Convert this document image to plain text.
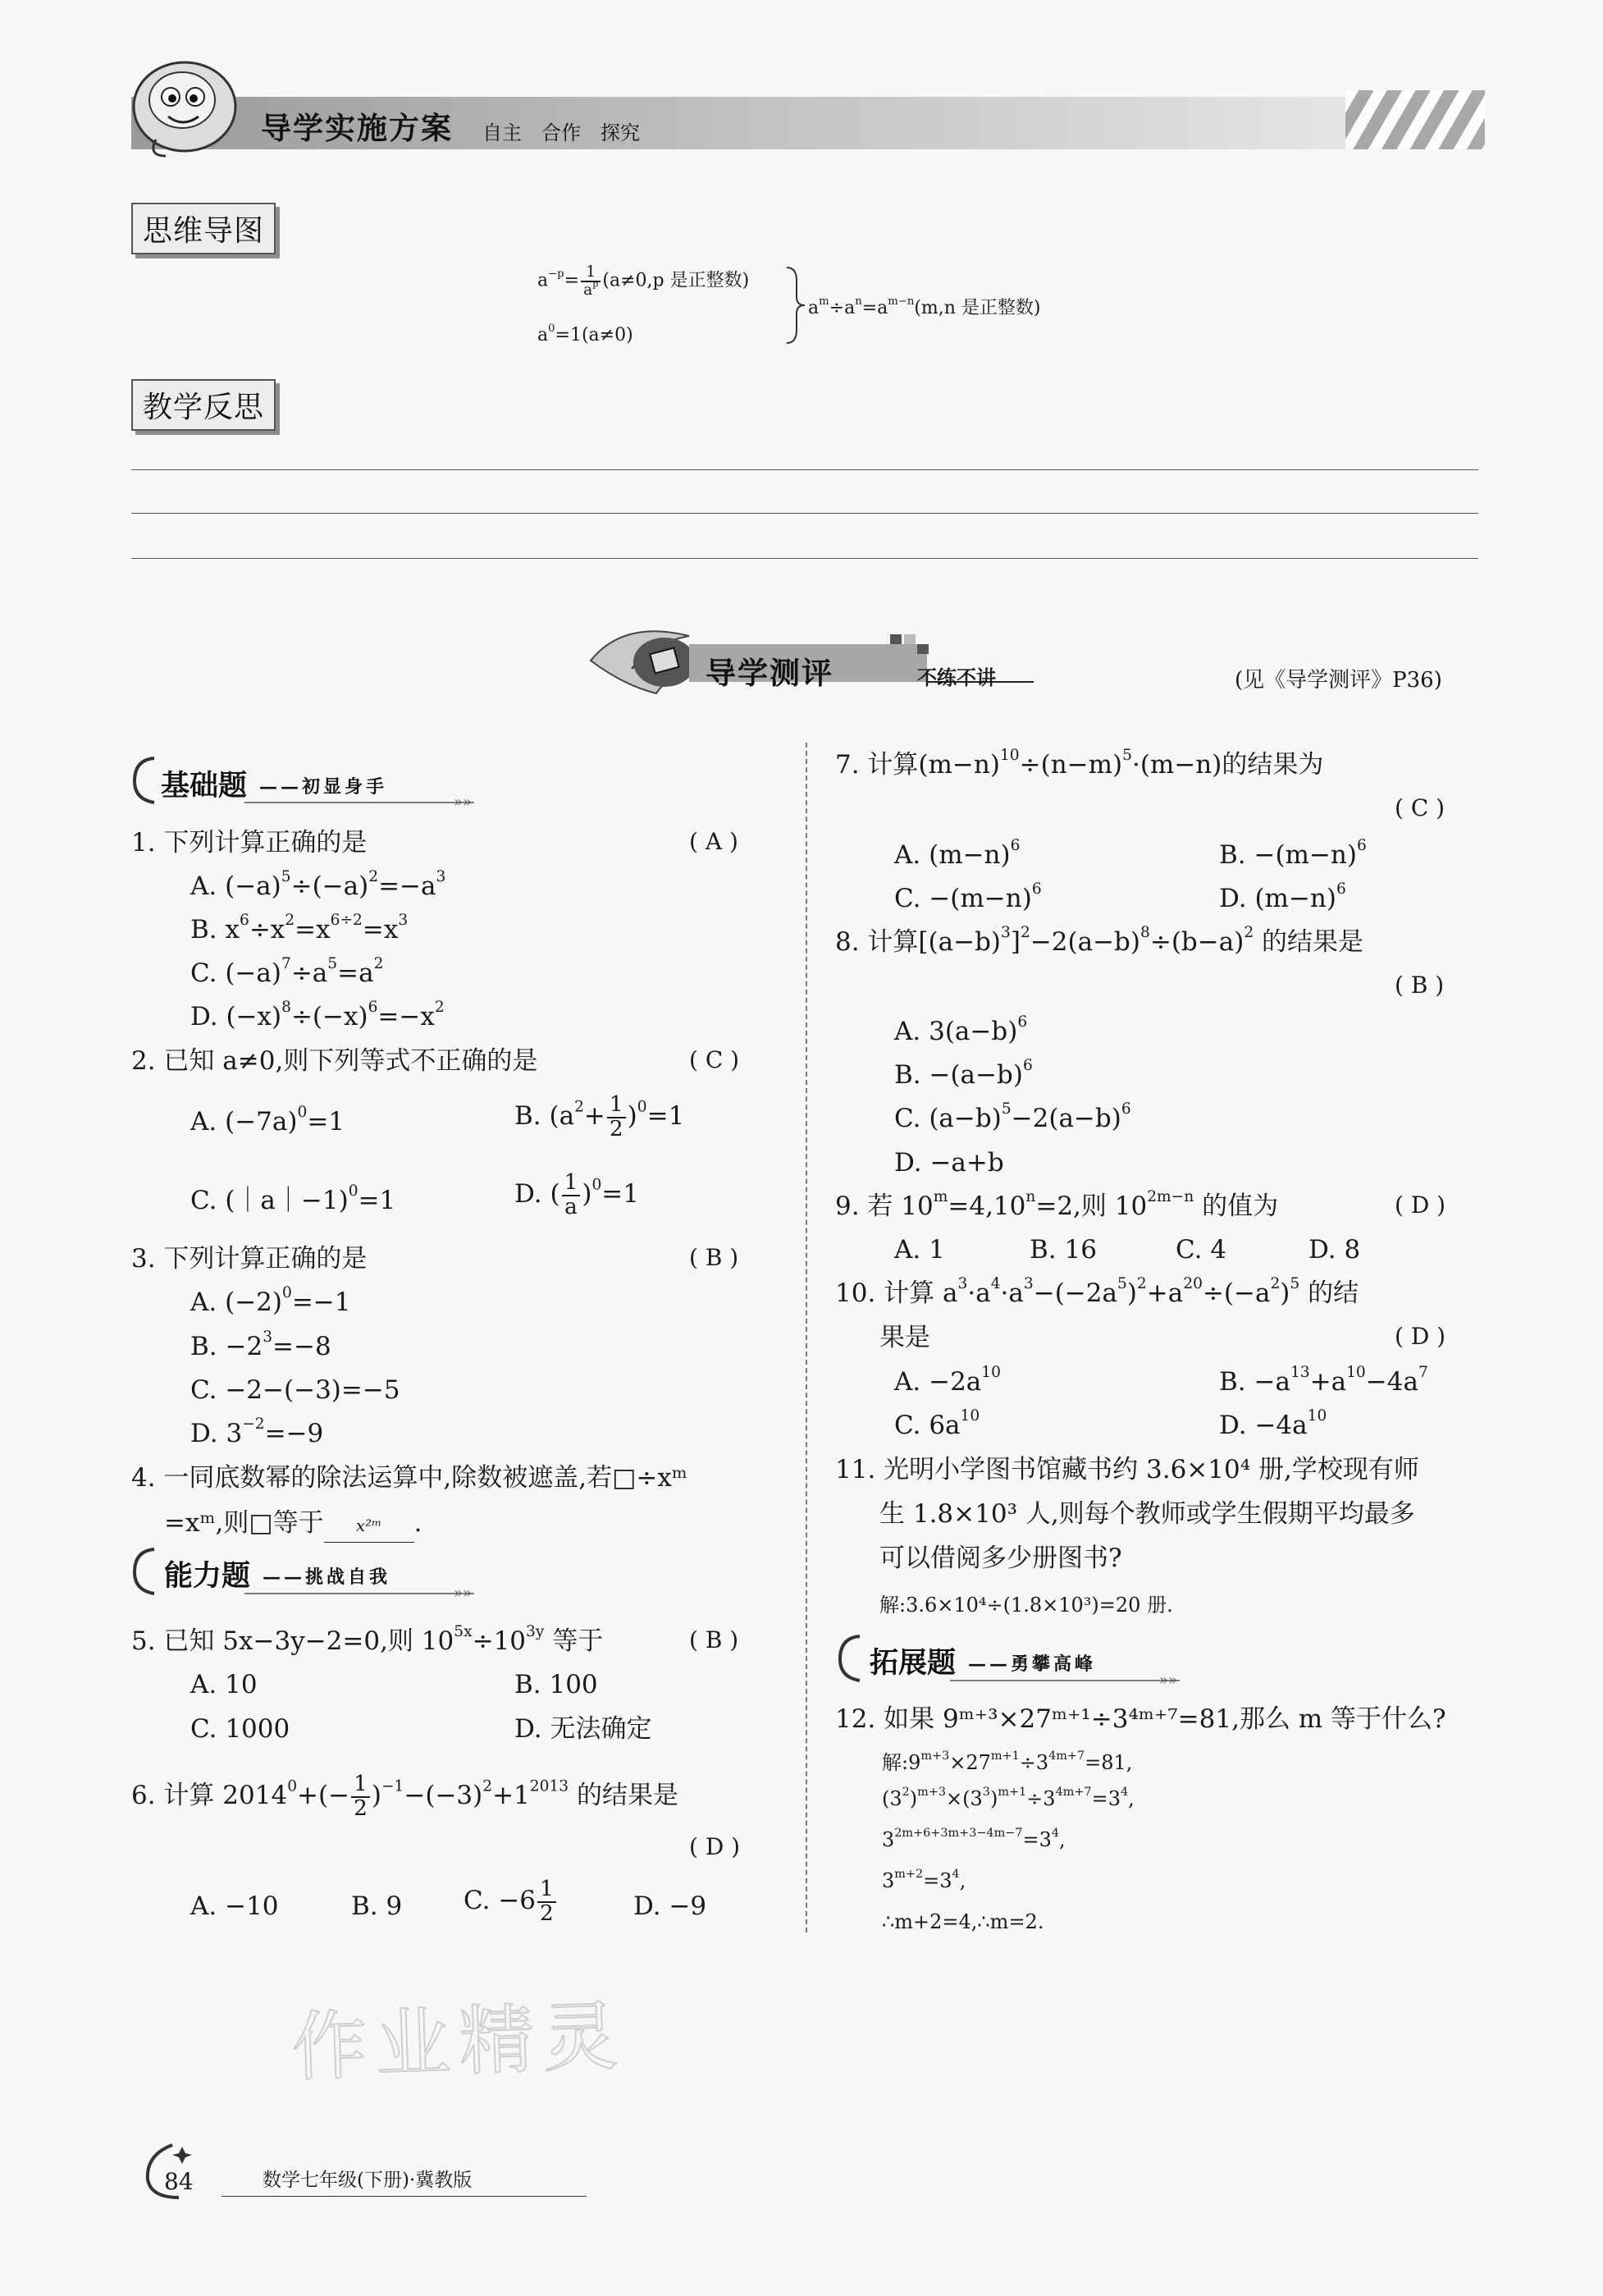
导学实施方案 自主　合作　探究
思维导图
$a^{-p}= \frac{1}{a^p} (a\ne 0,p$ 是正整数)
$a^0=1(a\ne 0)$
$a^m\div a^n=a^{m-n}(m,n$ 是正整数)
教学反思
导学测评	不练不讲	(见《导学测评》P36)
»»
基础题 ——初显身手
»»
能力题 ——挑战自我
»»
拓展题 ——勇攀高峰
1. 下列计算正确的是	( A )
A. $(-a)^5\div(-a)^2=-a^3$
B. $x^6\div x^2=x^{6\div 2}=x^3$
C. $(-a)^7\div a^5=a^2$
D. $(-x)^8\div(-x)^6=-x^2$
2. 已知 a≠0,则下列等式不正确的是	( C )
A. $(-7a)^0=1$	B. $(a^2+ \frac{1}{2} )^0=1$
C. (｜a｜−1)$^0$=1	D. ( $\frac{1}{a} )^0=1$
3. 下列计算正确的是	( B )
A. $(-2)^0=-1$
B. $-2^3=-8$
C. −2−(−3)=−5
D. $3^{-2}=-9$
4. 一同底数幂的除法运算中,除数被遮盖,若□÷xᵐ
=xᵐ,则□等于 x²ᵐ .
5. 已知 5x−3y−2=0,则 $10^{5x}\div 10^{3y}$ 等于	( B )
A. 10	B. 100
C. 1000	D. 无法确定
6. 计算 $2014^0+(- \frac{1}{2} )^{-1}-(-3)^2+1^{2013}$ 的结果是
( D )
A. −10	B. 9 C. $-6 \frac{1}{2}$	D. −9
7. 计算$(m-n)^{10}\div(n-m)^5\cdot(m-n)$的结果为
( C )
A. $(m-n)^6$	B. $-(m-n)^6$
C. $-(m-n)^6$	D. $(m-n)^6$
8. 计算$[(a-b)^3]^2-2(a-b)^8\div(b-a)^2$ 的结果是
( B )
A. $3(a-b)^6$
B. $-(a-b)^6$
C. $(a-b)^5-2(a-b)^6$
D. −a+b
9. 若 $10^m=4,10^n=2$,则 $10^{2m-n}$ 的值为	( D )
A. 1	B. 16	C. 4	D. 8
10. 计算 $a^3\cdot a^4\cdot a^3-(-2a^5)^2+a^{20}\div(-a^2)^5$ 的结
果是	( D )
A. $-2a^{10}$	B. $-a^{13}+a^{10}-4a^7$
C. $6a^{10}$	D. $-4a^{10}$
11. 光明小学图书馆藏书约 3.6×10⁴ 册,学校现有师
生 1.8×10³ 人,则每个教师或学生假期平均最多
可以借阅多少册图书?
解:3.6×10⁴÷(1.8×10³)=20 册.
12. 如果 9ᵐ⁺³×27ᵐ⁺¹÷3⁴ᵐ⁺⁷=81,那么 m 等于什么?
解$:9^{m+3}\times 27^{m+1}\div 3^{4m+7}=81$,
$(3^2)^{m+3}\times(3^3)^{m+1}\div 3^{4m+7}=3^4$,
$3^{2m+6+3m+3-4m-7}=3^4$,
$3^{m+2}=3^4$,
∴m+2=4,∴m=2.
作业精灵
84	数学七年级(下册)·冀教版
